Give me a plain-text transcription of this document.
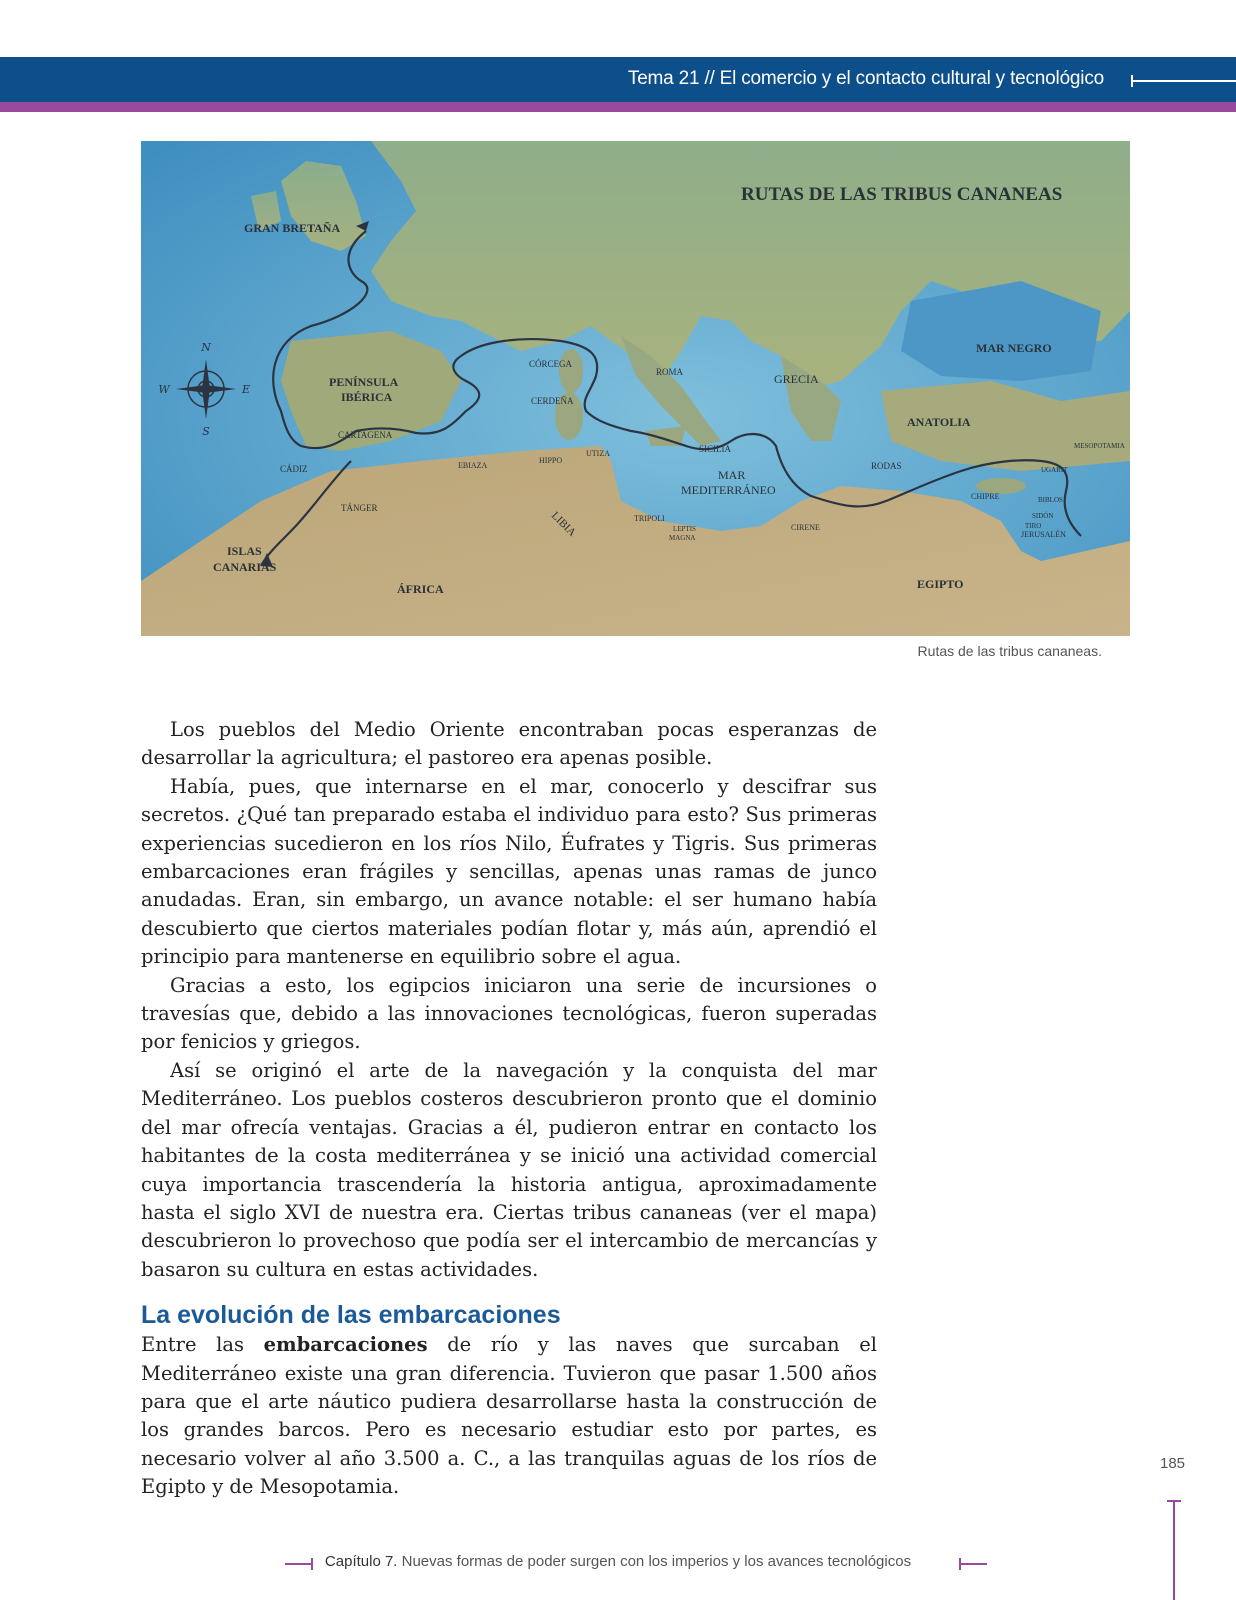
Tema 21 // El comercio y el contacto cultural y tecnológico
N
S
W	E
RUTAS DE LAS TRIBUS CANANEAS
GRAN BRETAÑA
PENÍNSULA
IBÉRICA
CÓRCEGA
CERDEÑA
ROMA	GRECIA
MAR NEGRO
ANATOLIA
MESOPOTAMIA
CARTAGENA
CÁDIZ	EBIAZA
HIPPO
UTIZA	SICILIA
MAR
MEDITERRÁNEO
RODAS	UGARIT
CHIPRE	BIBLOS
SIDÓN
TIRO
JERUSALÉN
TÁNGER
LIBIA	TRIPOLI
LEPTIS
MAGNA
CIRENE
ISLAS
CANARIAS
ÁFRICA	EGIPTO
Rutas de las tribus cananeas.

Los pueblos del Medio Oriente encontraban pocas esperanzas de desarrollar la agricultura; el pastoreo era apenas posible.

Había, pues, que internarse en el mar, conocerlo y descifrar sus secretos. ¿Qué tan preparado estaba el individuo para esto? Sus primeras experiencias sucedieron en los ríos Nilo, Éufrates y Tigris. Sus primeras embarcaciones eran frágiles y sencillas, apenas unas ramas de junco anudadas. Eran, sin embargo, un avance notable: el ser humano había descubierto que ciertos materiales podían flotar y, más aún, aprendió el principio para mantenerse en equilibrio sobre el agua.

Gracias a esto, los egipcios iniciaron una serie de incursiones o travesías que, debido a las innovaciones tecnológicas, fueron superadas por fenicios y griegos.

Así se originó el arte de la navegación y la conquista del mar Mediterráneo. Los pueblos costeros descubrieron pronto que el dominio del mar ofrecía ventajas. Gracias a él, pudieron entrar en contacto los habitantes de la costa mediterránea y se inició una actividad comercial cuya importancia trascendería la historia antigua, aproximadamente hasta el siglo XVI de nuestra era. Ciertas tribus cananeas (ver el mapa) descubrieron lo provechoso que podía ser el intercambio de mercancías y basaron su cultura en estas actividades.

La evolución de las embarcaciones

Entre las embarcaciones de río y las naves que surcaban el Mediterráneo existe una gran diferencia. Tuvieron que pasar 1.500 años para que el arte náutico pudiera desarrollarse hasta la construcción de los grandes barcos. Pero es necesario estudiar esto por partes, es necesario volver al año 3.500 a. C., a las tranquilas aguas de los ríos de Egipto y de Mesopotamia.

185
Capítulo 7. Nuevas formas de poder surgen con los imperios y los avances tecnológicos
